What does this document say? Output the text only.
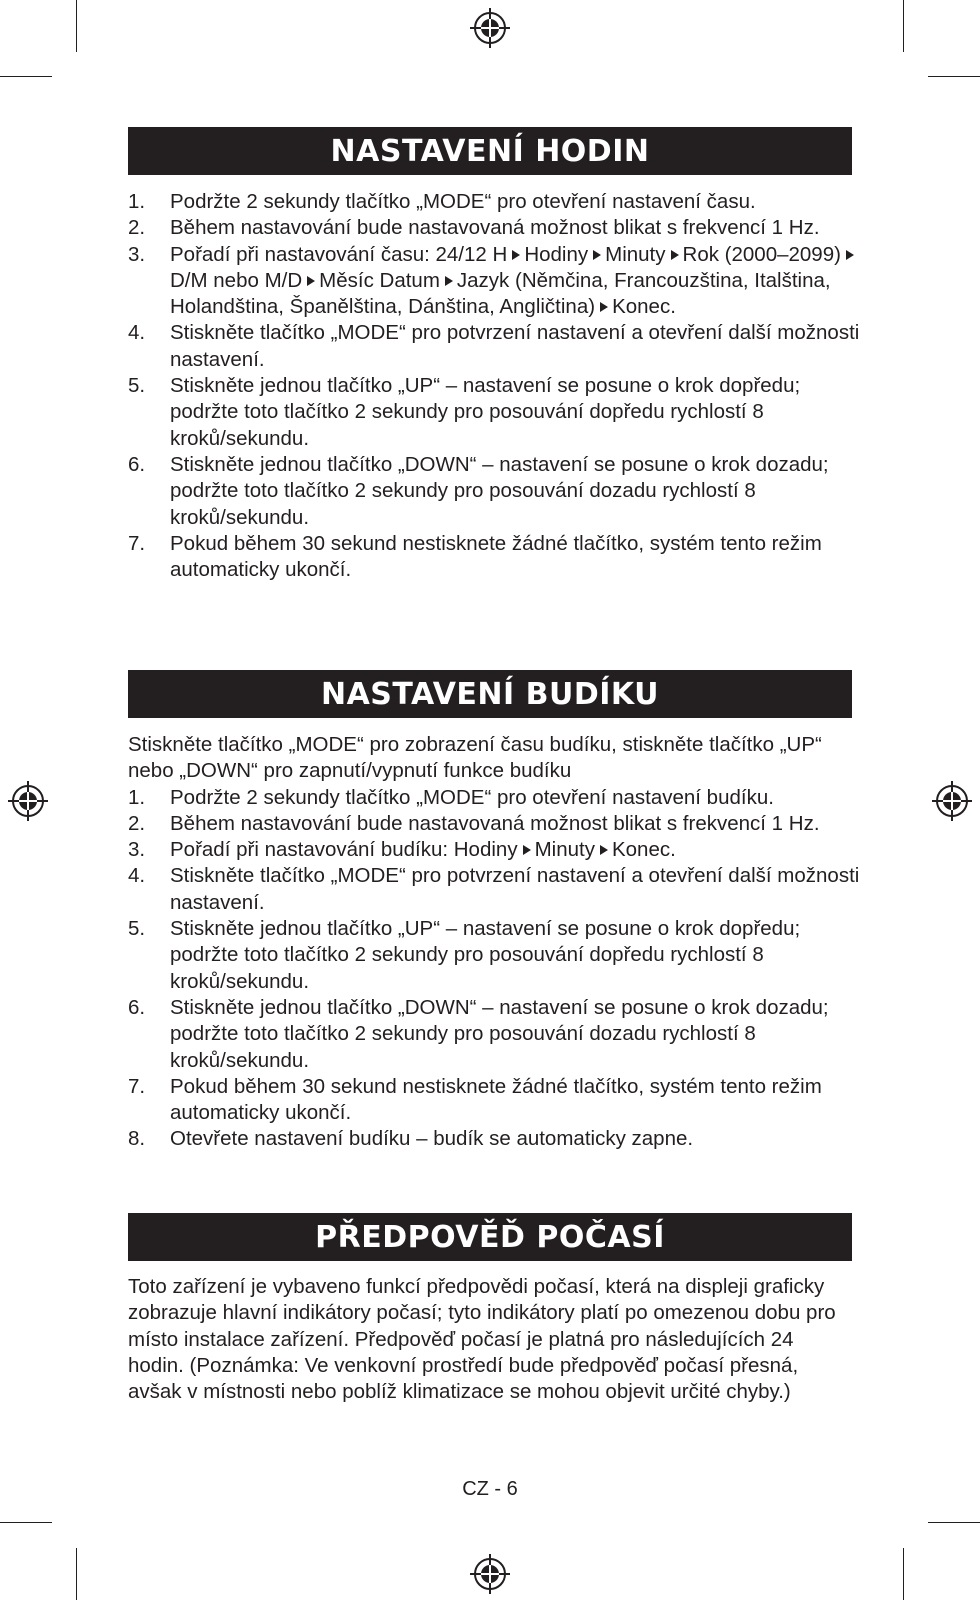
NASTAVENÍ HODIN
1.	Podržte 2 sekundy tlačítko „MODE“ pro otevření nastavení času.
2.	Během nastavování bude nastavovaná možnost blikat s frekvencí 1 Hz.
3.	Pořadí při nastavování času: 24/12 H Hodiny Minuty Rok (2000–2099)D/M nebo M/D Měsíc Datum Jazyk (Němčina, Francouzština, Italština, Holandština, Španělština, Dánština, Angličtina) Konec.
4.	Stiskněte tlačítko „MODE“ pro potvrzení nastavení a otevření další možnosti nastavení.
5.	Stiskněte jednou tlačítko „UP“ – nastavení se posune o krok dopředu; podržte toto tlačítko 2 sekundy pro posouvání dopředu rychlostí 8 kroků/sekundu.
6.	Stiskněte jednou tlačítko „DOWN“ – nastavení se posune o krok dozadu; podržte toto tlačítko 2 sekundy pro posouvání dozadu rychlostí 8 kroků/sekundu.
7.	Pokud během 30 sekund nestisknete žádné tlačítko, systém tento režim automaticky ukončí.
NASTAVENÍ BUDÍKU
Stiskněte tlačítko „MODE“ pro zobrazení času budíku, stiskněte tlačítko „UP“ nebo „DOWN“ pro zapnutí/vypnutí funkce budíku
1.	Podržte 2 sekundy tlačítko „MODE“ pro otevření nastavení budíku.
2.	Během nastavování bude nastavovaná možnost blikat s frekvencí 1 Hz.
3.	Pořadí při nastavování budíku: Hodiny Minuty Konec.
4.	Stiskněte tlačítko „MODE“ pro potvrzení nastavení a otevření další možnosti nastavení.
5.	Stiskněte jednou tlačítko „UP“ – nastavení se posune o krok dopředu; podržte toto tlačítko 2 sekundy pro posouvání dopředu rychlostí 8 kroků/sekundu.
6.	Stiskněte jednou tlačítko „DOWN“ – nastavení se posune o krok dozadu; podržte toto tlačítko 2 sekundy pro posouvání dozadu rychlostí 8 kroků/sekundu.
7.	Pokud během 30 sekund nestisknete žádné tlačítko, systém tento režim automaticky ukončí.
8.	Otevřete nastavení budíku – budík se automaticky zapne.
PŘEDPOVĚĎ POČASÍ
Toto zařízení je vybaveno funkcí předpovědi počasí, která na displeji graficky zobrazuje hlavní indikátory počasí; tyto indikátory platí po omezenou dobu pro místo instalace zařízení. Předpověď počasí je platná pro následujících 24 hodin. (Poznámka: Ve venkovní prostředí bude předpověď počasí přesná, avšak v místnosti nebo poblíž klimatizace se mohou objevit určité chyby.)
CZ - 6
